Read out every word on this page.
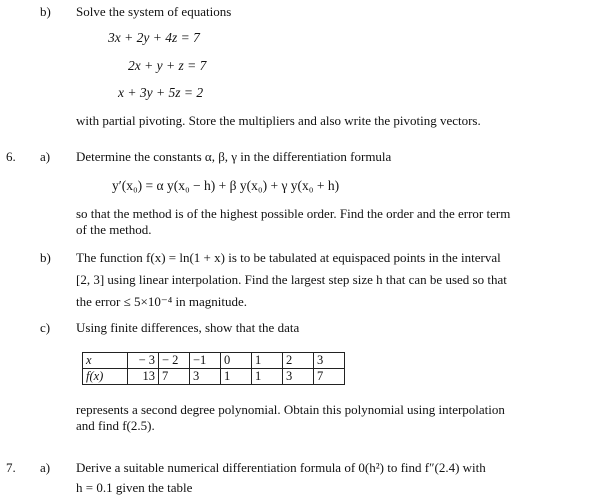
b) Solve the system of equations
3x + 2y + 4z = 7
2x + y + z = 7
x + 3y + 5z = 2
with partial pivoting. Store the multipliers and also write the pivoting vectors.
6. a) Determine the constants α, β, γ in the differentiation formula
y′(x₀) = α y(x₀ − h) + β y(x₀) + γ y(x₀ + h)
so that the method is of the highest possible order. Find the order and the error term
of the method.
b) The function f(x) = ln(1 + x) is to be tabulated at equispaced points in the interval
[2, 3] using linear interpolation. Find the largest step size h that can be used so that
the error ≤ 5×10⁻⁴ in magnitude.
c) Using finite differences, show that the data
x	− 3	− 2	−1	0	1	2	3
f(x)	13	7	3	1	1	3	7
represents a second degree polynomial. Obtain this polynomial using interpolation
and find f(2.5).
7. a) Derive a suitable numerical differentiation formula of 0(h²) to find f″(2.4) with
h = 0.1 given the table
